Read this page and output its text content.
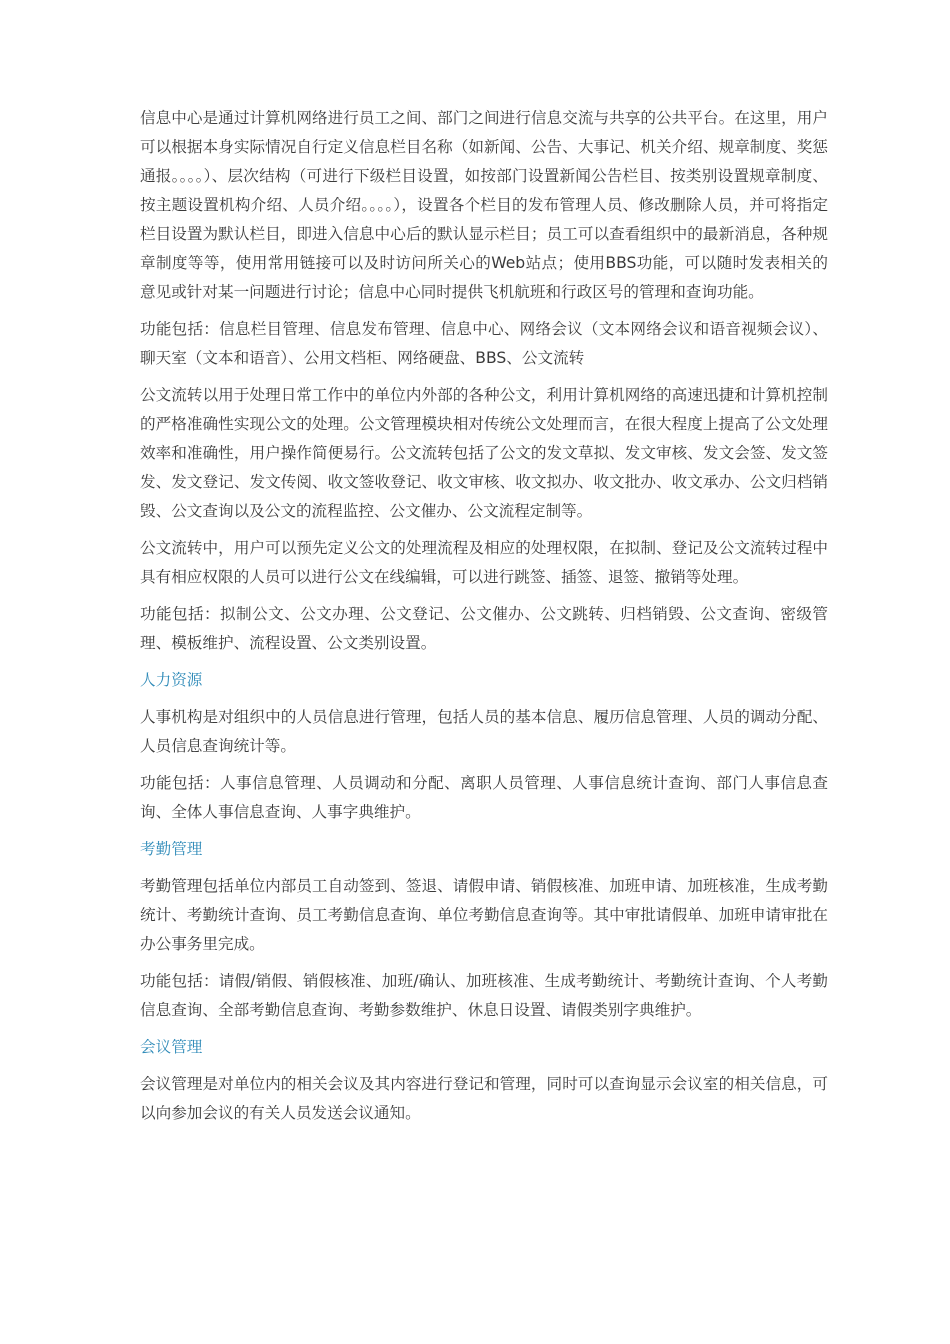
信息中心是通过计算机网络进行员工之间、部门之间进行信息交流与共享的公共平台。在这里，用户可以根据本身实际情况自行定义信息栏目名称（如新闻、公告、大事记、机关介绍、规章制度、奖惩通报。。。。）、层次结构（可进行下级栏目设置，如按部门设置新闻公告栏目、按类别设置规章制度、按主题设置机构介绍、人员介绍。。。。），设置各个栏目的发布管理人员、修改删除人员，并可将指定栏目设置为默认栏目，即进入信息中心后的默认显示栏目；员工可以查看组织中的最新消息，各种规章制度等等，使用常用链接可以及时访问所关心的Web站点；使用BBS功能，可以随时发表相关的意见或针对某一问题进行讨论；信息中心同时提供飞机航班和行政区号的管理和查询功能。

功能包括：信息栏目管理、信息发布管理、信息中心、网络会议（文本网络会议和语音视频会议）、聊天室（文本和语音）、公用文档柜、网络硬盘、BBS、公文流转

公文流转以用于处理日常工作中的单位内外部的各种公文，利用计算机网络的高速迅捷和计算机控制的严格准确性实现公文的处理。公文管理模块相对传统公文处理而言，在很大程度上提高了公文处理效率和准确性，用户操作简便易行。公文流转包括了公文的发文草拟、发文审核、发文会签、发文签发、发文登记、发文传阅、收文签收登记、收文审核、收文拟办、收文批办、收文承办、公文归档销毁、公文查询以及公文的流程监控、公文催办、公文流程定制等。

公文流转中，用户可以预先定义公文的处理流程及相应的处理权限，在拟制、登记及公文流转过程中具有相应权限的人员可以进行公文在线编辑，可以进行跳签、插签、退签、撤销等处理。

功能包括：拟制公文、公文办理、公文登记、公文催办、公文跳转、归档销毁、公文查询、密级管理、模板维护、流程设置、公文类别设置。

人力资源

人事机构是对组织中的人员信息进行管理，包括人员的基本信息、履历信息管理、人员的调动分配、人员信息查询统计等。

功能包括：人事信息管理、人员调动和分配、离职人员管理、人事信息统计查询、部门人事信息查询、全体人事信息查询、人事字典维护。

考勤管理

考勤管理包括单位内部员工自动签到、签退、请假申请、销假核准、加班申请、加班核准，生成考勤统计、考勤统计查询、员工考勤信息查询、单位考勤信息查询等。其中审批请假单、加班申请审批在办公事务里完成。

功能包括：请假/销假、销假核准、加班/确认、加班核准、生成考勤统计、考勤统计查询、个人考勤信息查询、全部考勤信息查询、考勤参数维护、休息日设置、请假类别字典维护。

会议管理

会议管理是对单位内的相关会议及其内容进行登记和管理，同时可以查询显示会议室的相关信息，可以向参加会议的有关人员发送会议通知。
